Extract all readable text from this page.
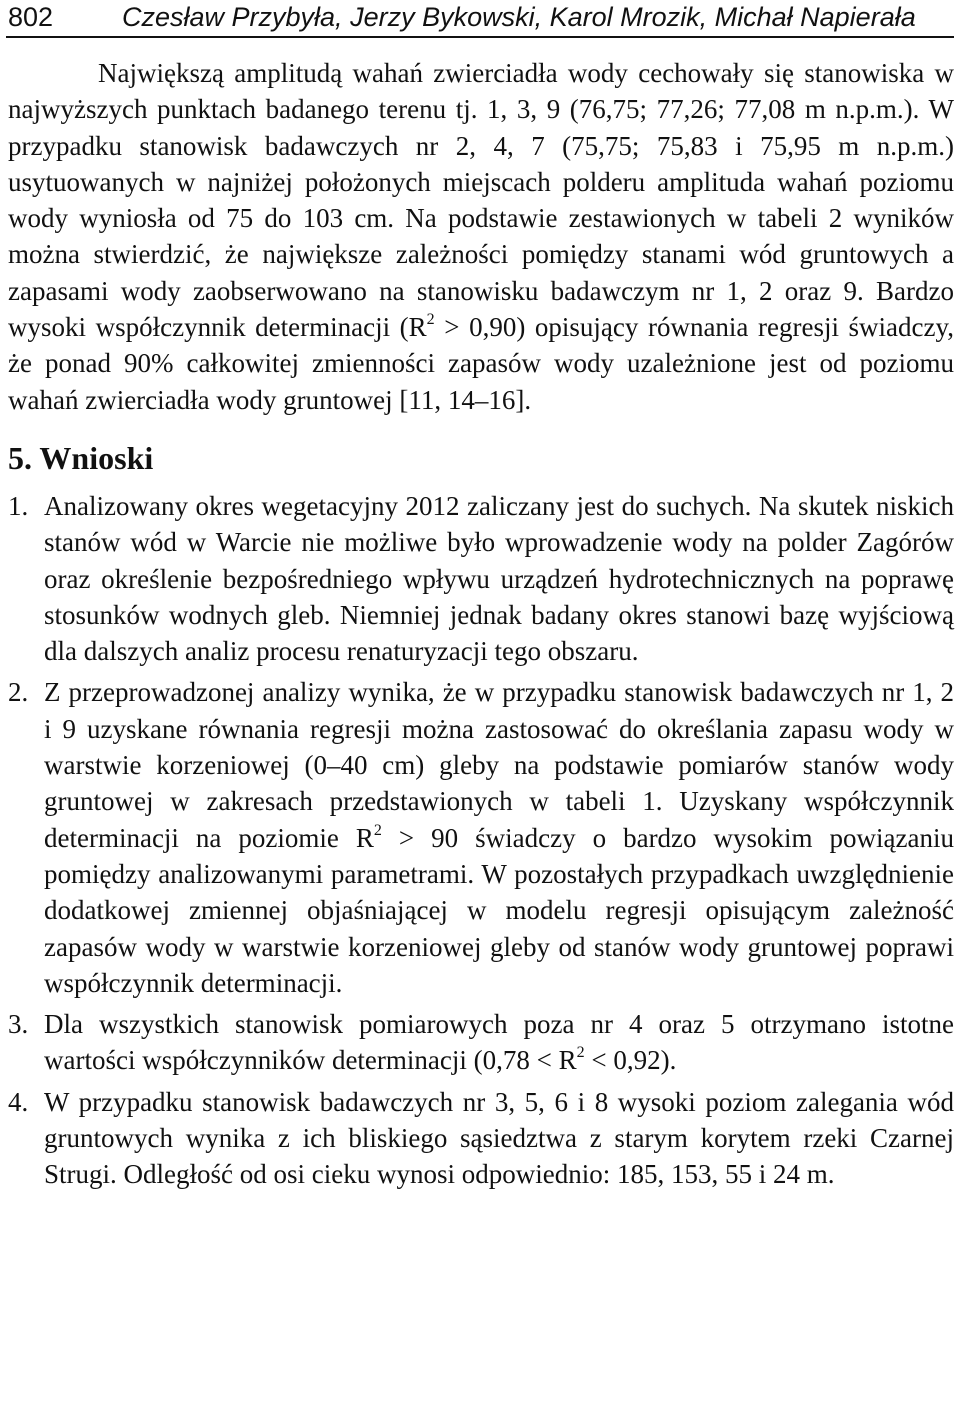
802	Czesław Przybyła, Jerzy Bykowski, Karol Mrozik, Michał Napierała

Największą amplitudą wahań zwierciadła wody cechowały się stanowiska w najwyższych punktach badanego terenu tj. 1, 3, 9 (76,75; 77,26; 77,08 m n.p.m.). W przypadku stanowisk badawczych nr 2, 4, 7 (75,75; 75,83 i 75,95 m n.p.m.) usytuowanych w najniżej położonych miejscach polderu amplituda wahań poziomu wody wyniosła od 75 do 103 cm. Na podstawie zestawionych w tabeli 2 wyników można stwierdzić, że największe zależności pomiędzy stanami wód gruntowych a zapasami wody zaobserwowano na stanowisku badawczym nr 1, 2 oraz 9. Bardzo wysoki współczynnik determinacji $(R^2 > 0,90)$ opisujący równania regresji świadczy, że ponad 90% całkowitej zmienności zapasów wody uzależnione jest od poziomu wahań zwierciadła wody gruntowej [11, 14–16].

5. Wnioski
1. Analizowany okres wegetacyjny 2012 zaliczany jest do suchych. Na skutek niskich stanów wód w Warcie nie możliwe było wprowadzenie wody na polder Zagórów oraz określenie bezpośredniego wpływu urządzeń hydrotechnicznych na poprawę stosunków wodnych gleb. Niemniej jednak badany okres stanowi bazę wyjściową dla dalszych analiz procesu renaturyzacji tego obszaru.
2. Z przeprowadzonej analizy wynika, że w przypadku stanowisk badawczych nr 1, 2 i 9 uzyskane równania regresji można zastosować do określania zapasu wody w warstwie korzeniowej (0–40 cm) gleby na podstawie pomiarów stanów wody gruntowej w zakresach przedstawionych w tabeli 1. Uzyskany współczynnik determinacji na poziomie $R^2 > 90$ świadczy o bardzo wysokim powiązaniu pomiędzy analizowanymi parametrami. W pozostałych przypadkach uwzględnienie dodatkowej zmiennej objaśniającej w modelu regresji opisującym zależność zapasów wody w warstwie korzeniowej gleby od stanów wody gruntowej poprawi współczynnik determinacji.
3. Dla wszystkich stanowisk pomiarowych poza nr 4 oraz 5 otrzymano istotne wartości współczynników determinacji $(0,78 < R^2 < 0,92)$.
4. W przypadku stanowisk badawczych nr 3, 5, 6 i 8 wysoki poziom zalegania wód gruntowych wynika z ich bliskiego sąsiedztwa z starym korytem rzeki Czarnej Strugi. Odległość od osi cieku wynosi odpowiednio: 185, 153, 55 i 24 m.
